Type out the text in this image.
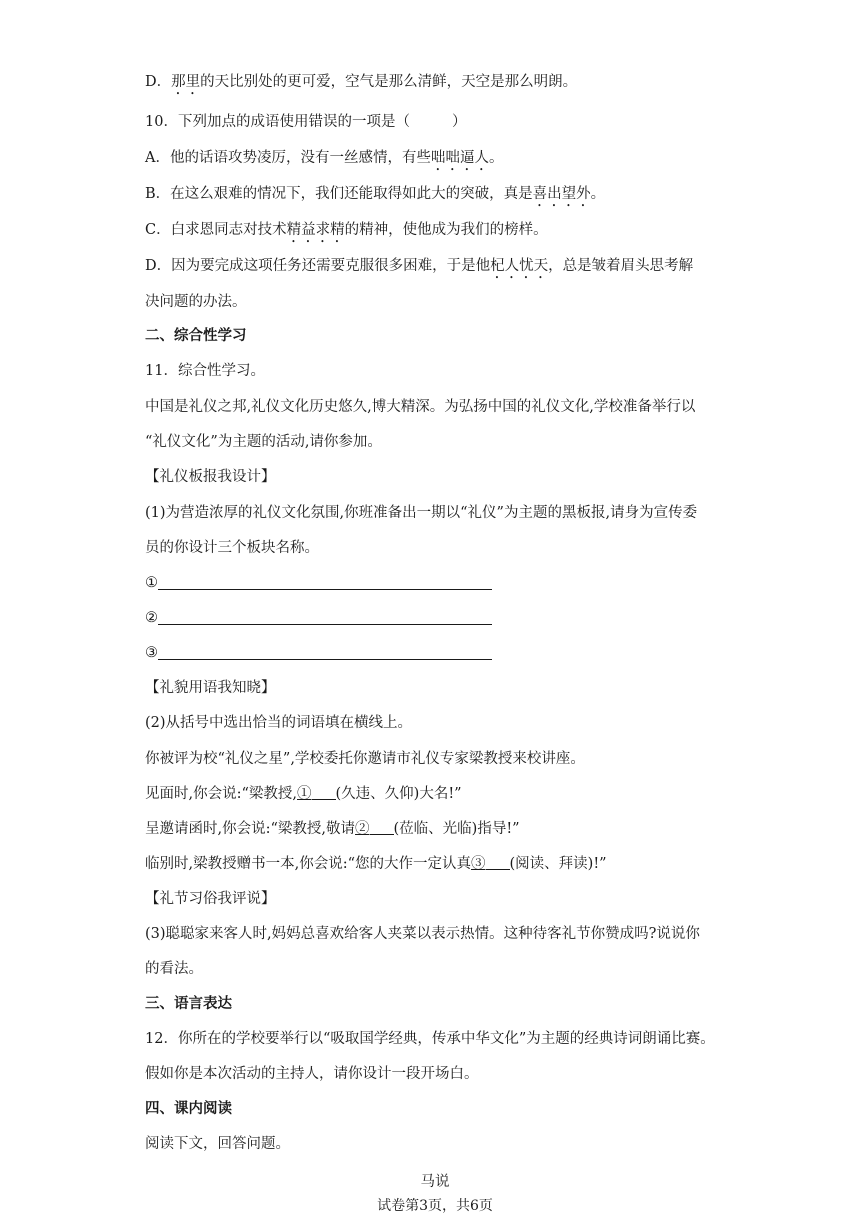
D．那里的天比别处的更可爱，空气是那么清鲜，天空是那么明朗。
10．下列加点的成语使用错误的一项是（	）
A．他的话语攻势凌厉，没有一丝感情，有些咄咄逼人。
B．在这么艰难的情况下，我们还能取得如此大的突破，真是喜出望外。
C．白求恩同志对技术精益求精的精神，使他成为我们的榜样。
D．因为要完成这项任务还需要克服很多困难，于是他杞人忧天，总是皱着眉头思考解
决问题的办法。
二、综合性学习
11．综合性学习。
中国是礼仪之邦,礼仪文化历史悠久,博大精深。为弘扬中国的礼仪文化,学校准备举行以
“礼仪文化”为主题的活动,请你参加。
【礼仪板报我设计】
(1)为营造浓厚的礼仪文化氛围,你班准备出一期以“礼仪”为主题的黑板报,请身为宣传委
员的你设计三个板块名称。
①
②
③
【礼貌用语我知晓】
(2)从括号中选出恰当的词语填在横线上。
你被评为校“礼仪之星”,学校委托你邀请市礼仪专家梁教授来校讲座。
见面时,你会说:“梁教授,① (久违、久仰)大名!”
呈邀请函时,你会说:“梁教授,敬请② (莅临、光临)指导!”
临别时,梁教授赠书一本,你会说:“您的大作一定认真③ (阅读、拜读)!”
【礼节习俗我评说】
(3)聪聪家来客人时,妈妈总喜欢给客人夹菜以表示热情。这种待客礼节你赞成吗?说说你
的看法。
三、语言表达
12．你所在的学校要举行以“吸取国学经典，传承中华文化”为主题的经典诗词朗诵比赛。
假如你是本次活动的主持人，请你设计一段开场白。
四、课内阅读
阅读下文，回答问题。
马说
试卷第3页，共6页
